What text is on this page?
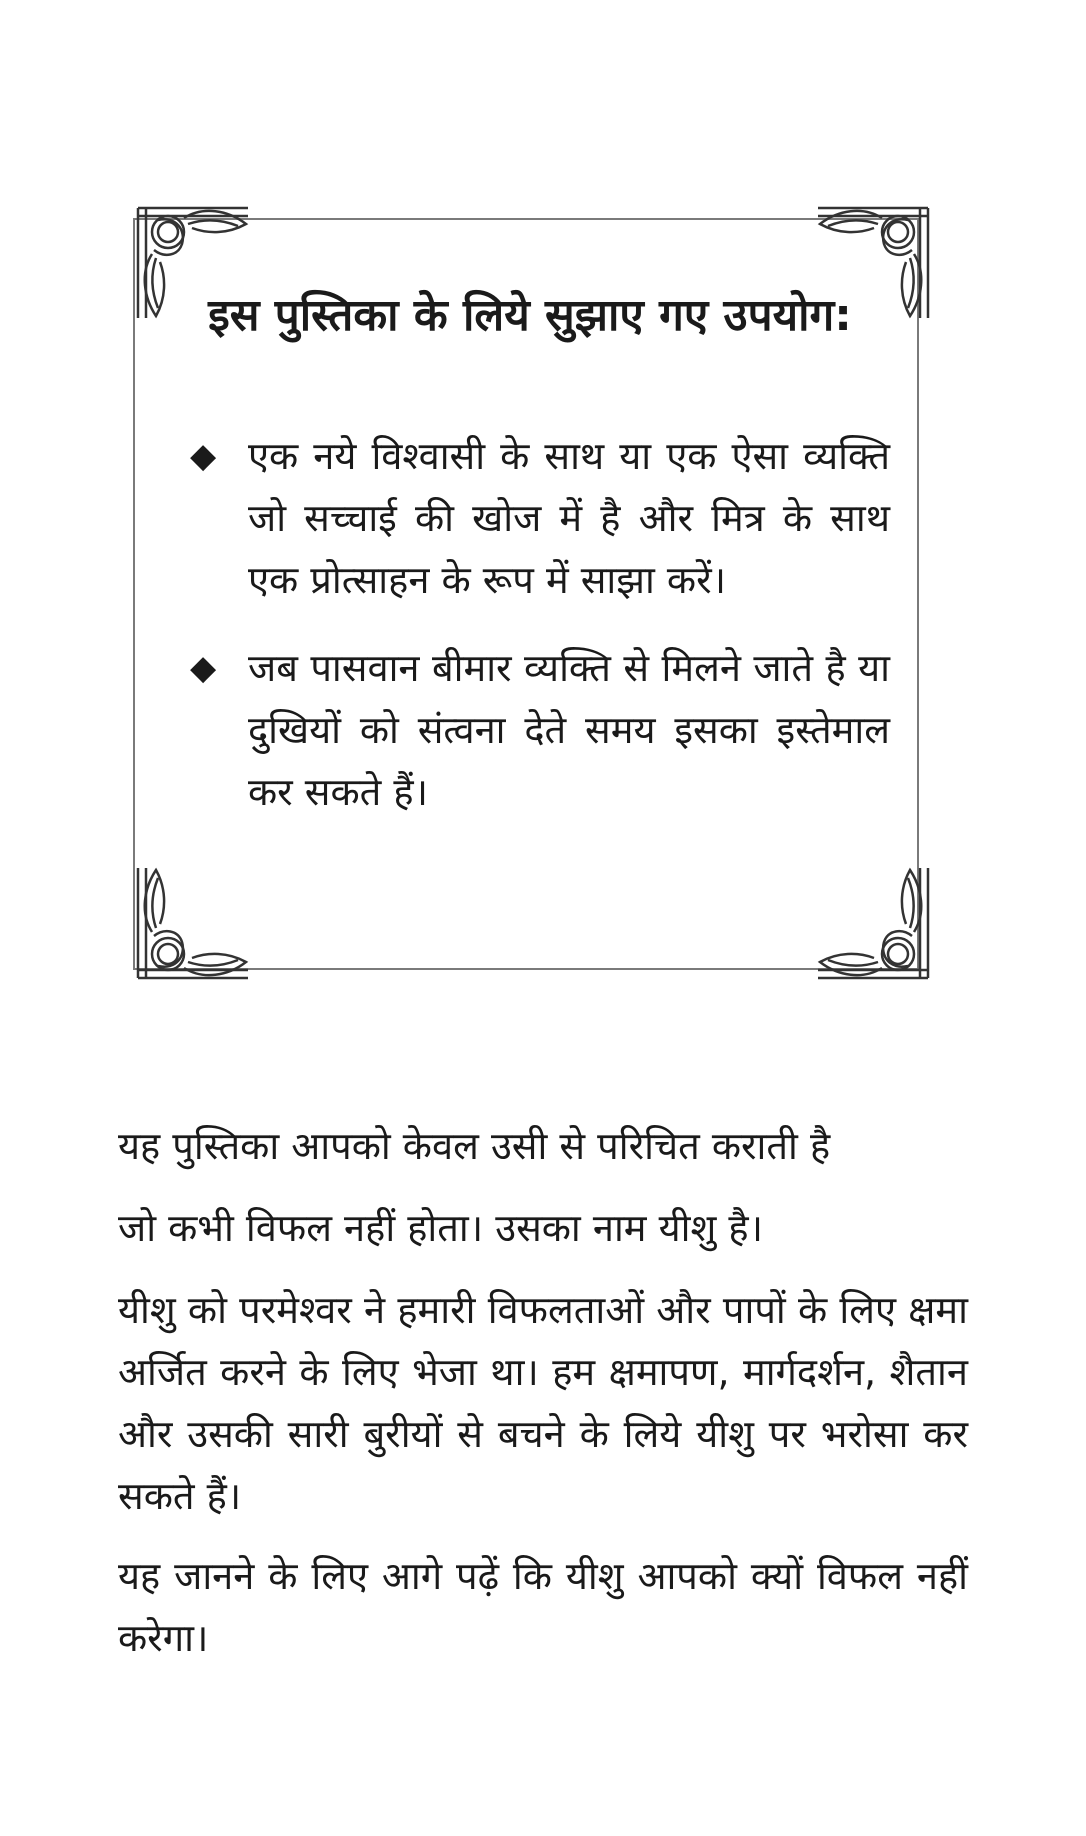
इस पुस्तिका के लिये सुझाए गए उपयोग:
◆ एक नये विश्वासी के साथ या एक ऐसा व्यक्ति जो सच्चाई की खोज में है और मित्र के साथ एक प्रोत्साहन के रूप में साझा करें।
◆ जब पासवान बीमार व्यक्ति से मिलने जाते है या दुखियों को संत्वना देते समय इसका इस्तेमाल कर सकते हैं।

यह पुस्तिका आपको केवल उसी से परिचित कराती है

जो कभी विफल नहीं होता। उसका नाम यीशु है।

यीशु को परमेश्वर ने हमारी विफलताओं और पापों के लिए क्षमा अर्जित करने के लिए भेजा था। हम क्षमापण, मार्गदर्शन, शैतान और उसकी सारी बुरीयों से बचने के लिये यीशु पर भरोसा कर सकते हैं।

यह जानने के लिए आगे पढ़ें कि यीशु आपको क्यों विफल नहीं करेगा।
